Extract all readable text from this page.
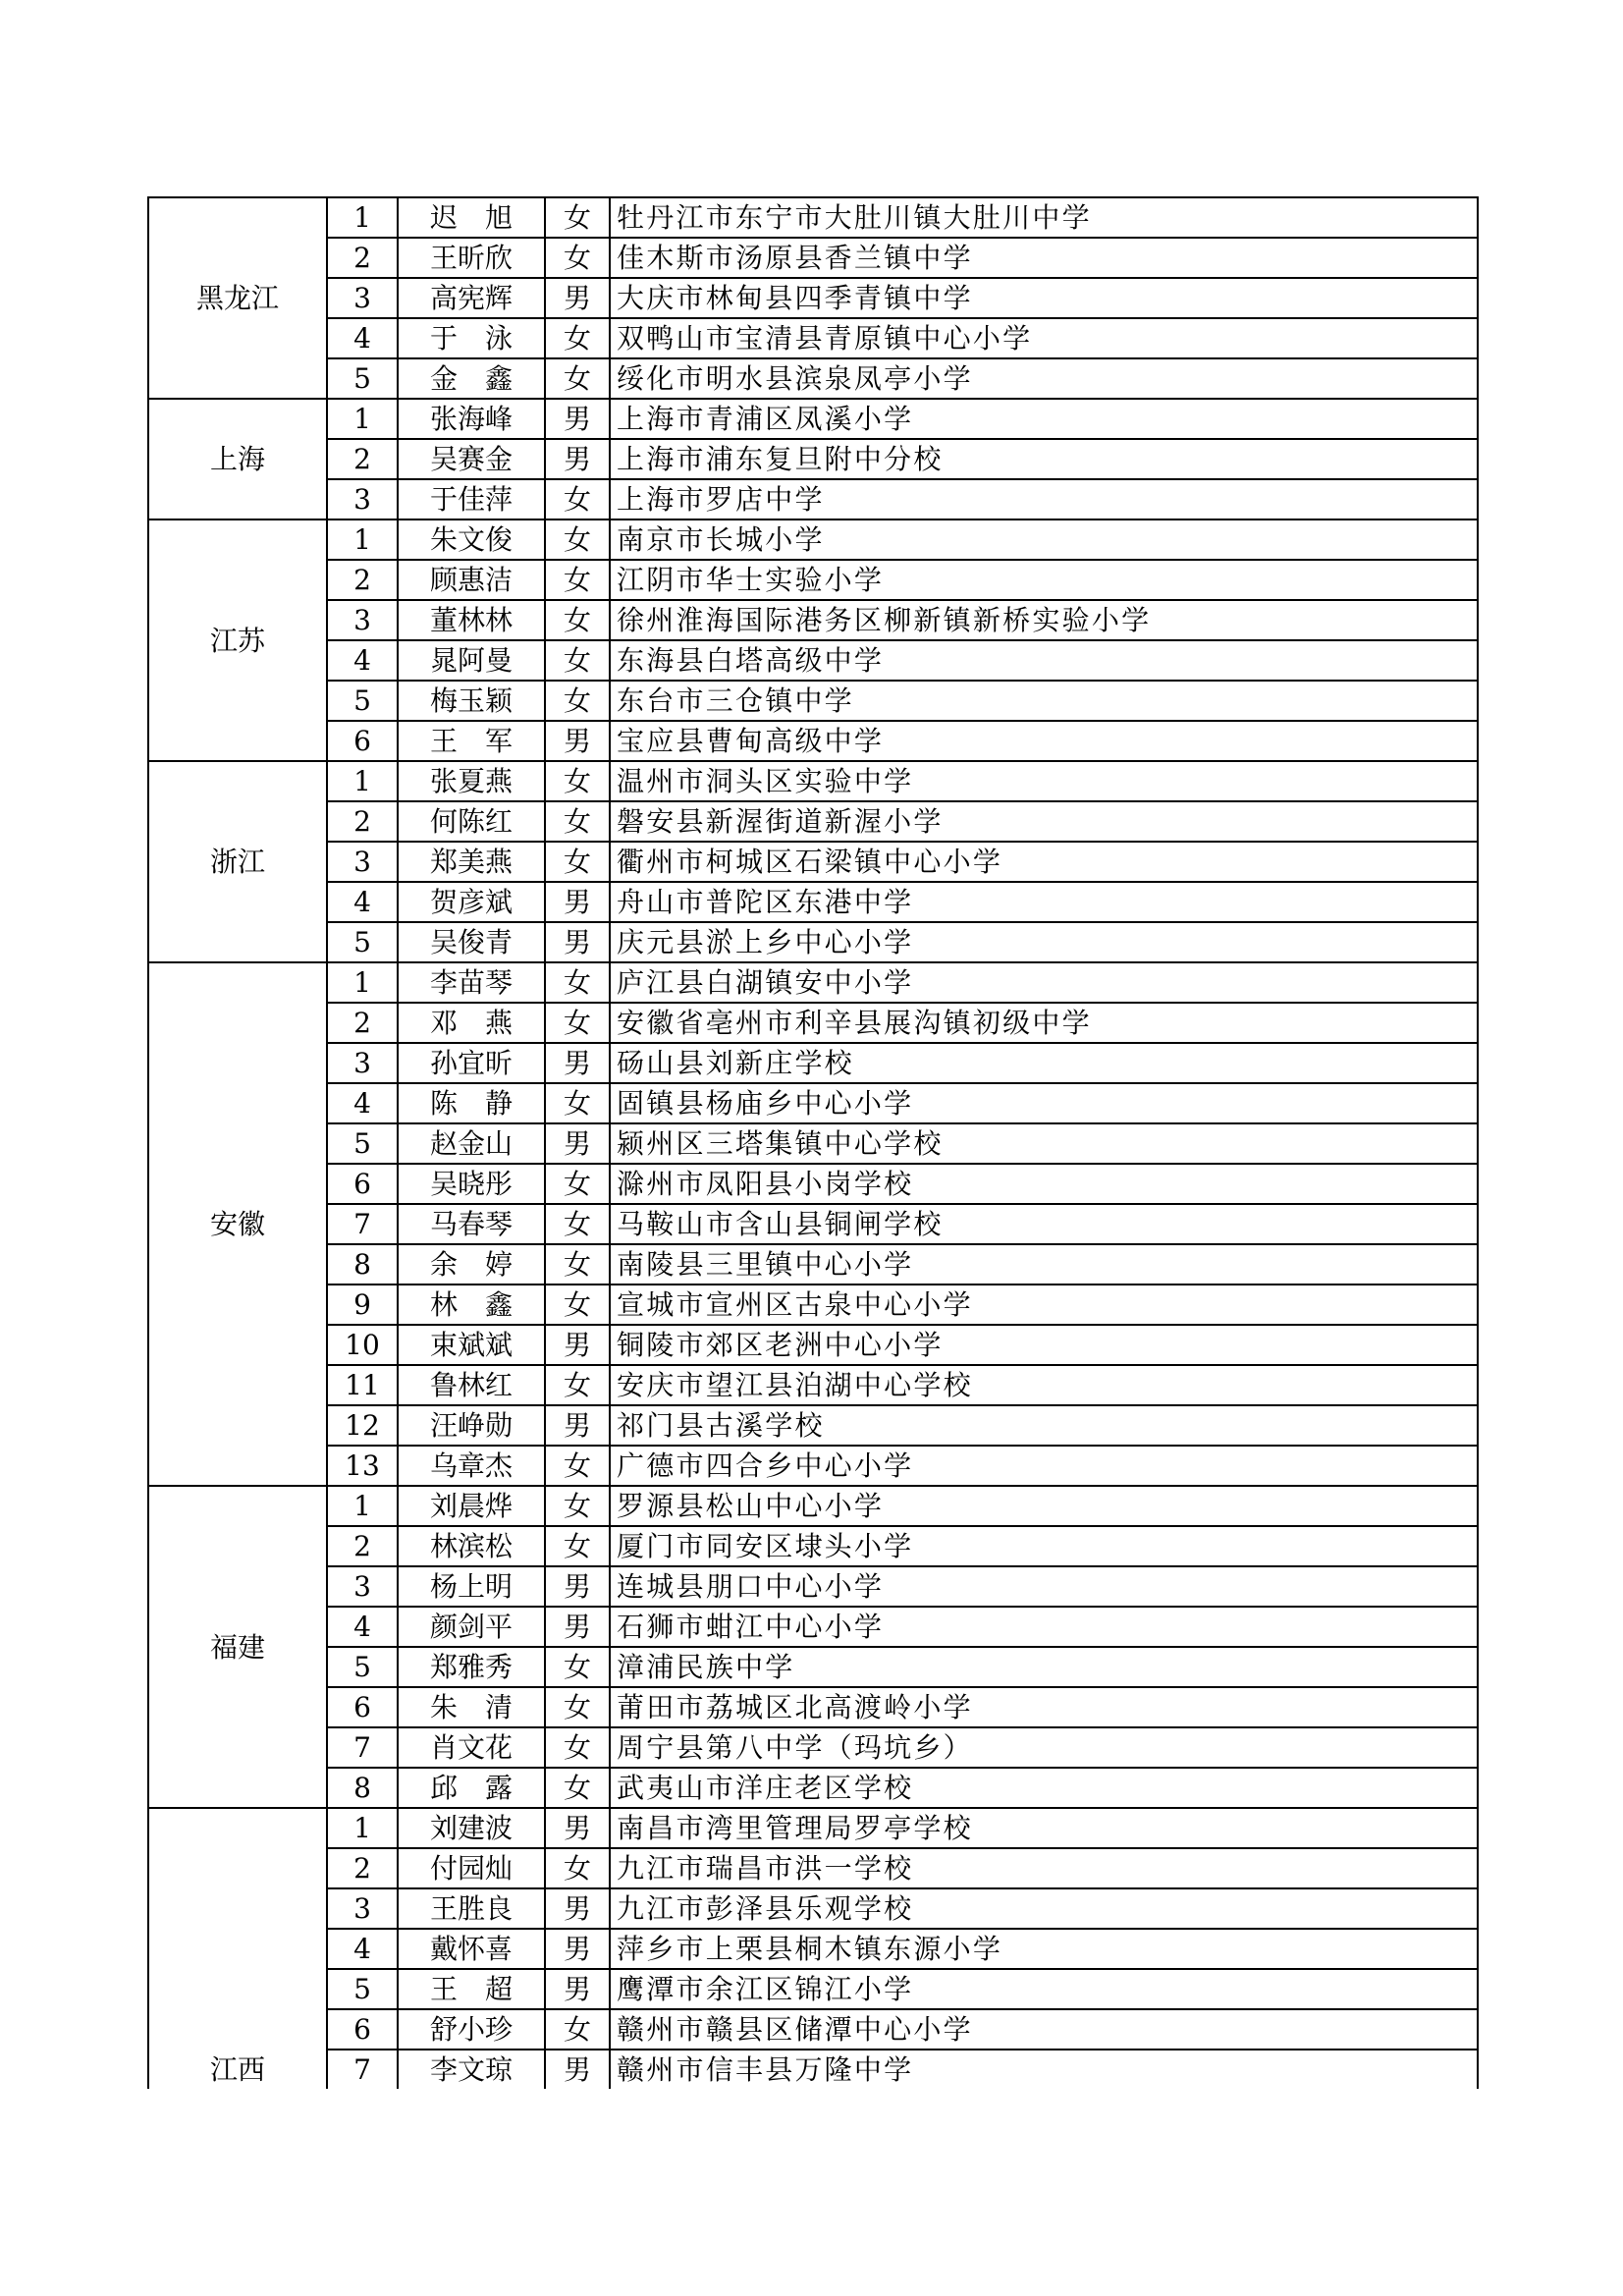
黑龙江	1	迟　旭	女	牡丹江市东宁市大肚川镇大肚川中学
	2	王昕欣	女	佳木斯市汤原县香兰镇中学
	3	高宪辉	男	大庆市林甸县四季青镇中学
	4	于　泳	女	双鸭山市宝清县青原镇中心小学
	5	金　鑫	女	绥化市明水县滨泉凤亭小学
上海	1	张海峰	男	上海市青浦区凤溪小学
	2	吴赛金	男	上海市浦东复旦附中分校
	3	于佳萍	女	上海市罗店中学
江苏	1	朱文俊	女	南京市长城小学
	2	顾惠洁	女	江阴市华士实验小学
	3	董林林	女	徐州淮海国际港务区柳新镇新桥实验小学
	4	晁阿曼	女	东海县白塔高级中学
	5	梅玉颖	女	东台市三仓镇中学
	6	王　军	男	宝应县曹甸高级中学
浙江	1	张夏燕	女	温州市洞头区实验中学
	2	何陈红	女	磐安县新渥街道新渥小学
	3	郑美燕	女	衢州市柯城区石梁镇中心小学
	4	贺彦斌	男	舟山市普陀区东港中学
	5	吴俊青	男	庆元县淤上乡中心小学
安徽	1	李苗琴	女	庐江县白湖镇安中小学
	2	邓　燕	女	安徽省亳州市利辛县展沟镇初级中学
	3	孙宜昕	男	砀山县刘新庄学校
	4	陈　静	女	固镇县杨庙乡中心小学
	5	赵金山	男	颍州区三塔集镇中心学校
	6	吴晓彤	女	滁州市凤阳县小岗学校
	7	马春琴	女	马鞍山市含山县铜闸学校
	8	余　婷	女	南陵县三里镇中心小学
	9	林　鑫	女	宣城市宣州区古泉中心小学
	10	束斌斌	男	铜陵市郊区老洲中心小学
	11	鲁林红	女	安庆市望江县泊湖中心学校
	12	汪峥勋	男	祁门县古溪学校
	13	乌章杰	女	广德市四合乡中心小学
福建	1	刘晨烨	女	罗源县松山中心小学
	2	林滨松	女	厦门市同安区埭头小学
	3	杨上明	男	连城县朋口中心小学
	4	颜剑平	男	石狮市蚶江中心小学
	5	郑雅秀	女	漳浦民族中学
	6	朱　清	女	莆田市荔城区北高渡岭小学
	7	肖文花	女	周宁县第八中学（玛坑乡）
	8	邱　露	女	武夷山市洋庄老区学校
江西	1	刘建波	男	南昌市湾里管理局罗亭学校
	2	付园灿	女	九江市瑞昌市洪一学校
	3	王胜良	男	九江市彭泽县乐观学校
	4	戴怀喜	男	萍乡市上栗县桐木镇东源小学
	5	王　超	男	鹰潭市余江区锦江小学
	6	舒小珍	女	赣州市赣县区储潭中心小学
	7	李文琼	男	赣州市信丰县万隆中学
